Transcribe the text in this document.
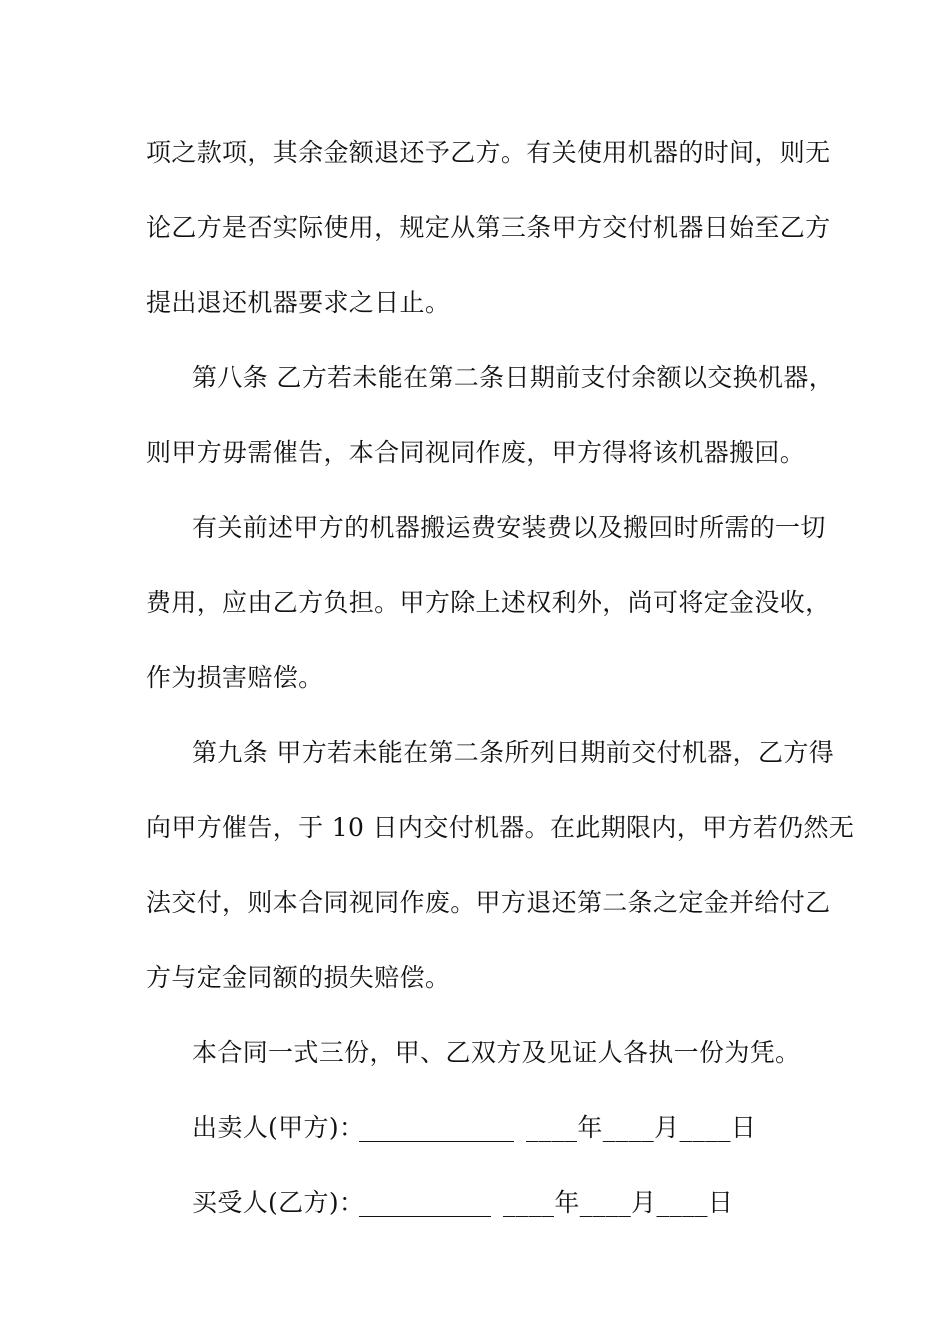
项之款项，其余金额退还予乙方。有关使用机器的时间，则无
论乙方是否实际使用，规定从第三条甲方交付机器日始至乙方
提出退还机器要求之日止。
第八条 乙方若未能在第二条日期前支付余额以交换机器，
则甲方毋需催告，本合同视同作废，甲方得将该机器搬回。
有关前述甲方的机器搬运费安装费以及搬回时所需的一切
费用，应由乙方负担。甲方除上述权利外，尚可将定金没收，
作为损害赔偿。
第九条 甲方若未能在第二条所列日期前交付机器，乙方得
向甲方催告，于 10 日内交付机器。在此期限内，甲方若仍然无
法交付，则本合同视同作废。甲方退还第二条之定金并给付乙
方与定金同额的损失赔偿。
本合同一式三份，甲、乙双方及见证人各执一份为凭。
出卖人(甲方)：	____年____月____日
买受人(乙方)：	____年____月____日
